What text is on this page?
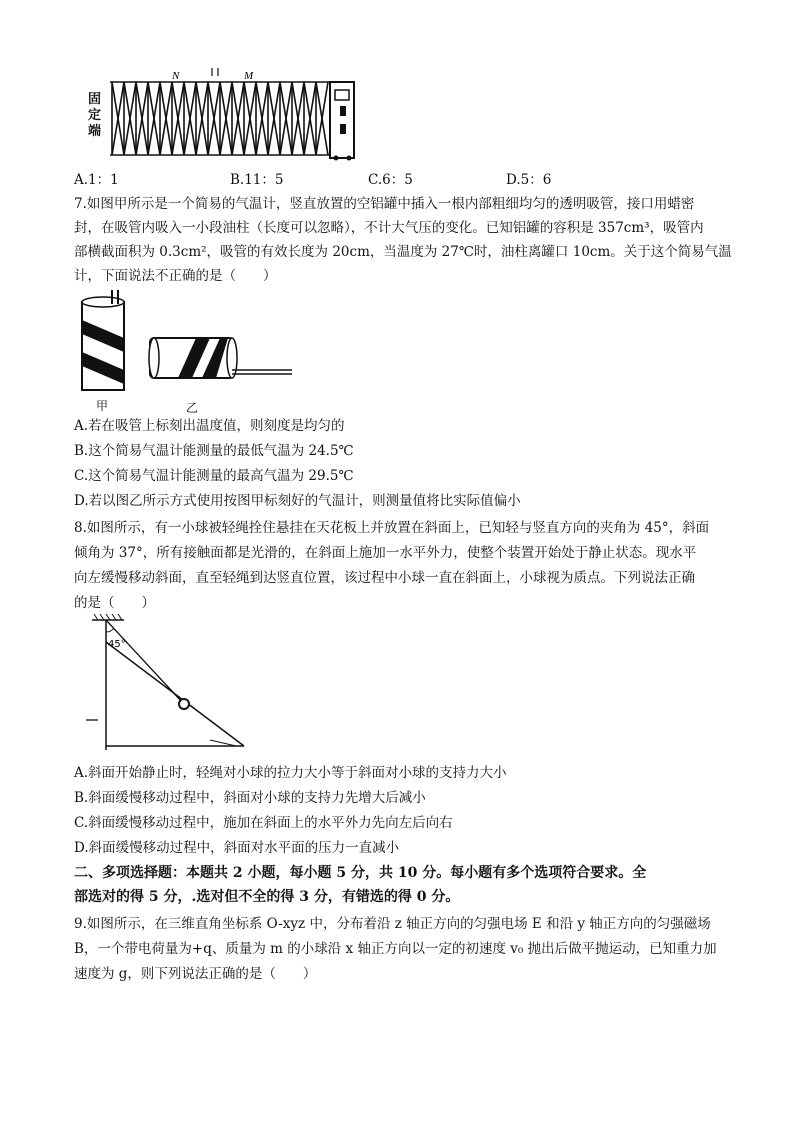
固定端
N	M
A.1：1	B.11：5	C.6：5	D.5：6
7.如图甲所示是一个简易的气温计，竖直放置的空铝罐中插入一根内部粗细均匀的透明吸管，接口用蜡密
封，在吸管内吸入一小段油柱（长度可以忽略），不计大气压的变化。已知铝罐的容积是 357cm³，吸管内
部横截面积为 0.3cm²，吸管的有效长度为 20cm，当温度为 27℃时，油柱离罐口 10cm。关于这个简易气温
计，下面说法不正确的是（　　）
甲	乙
A.若在吸管上标刻出温度值，则刻度是均匀的
B.这个简易气温计能测量的最低气温为 24.5℃
C.这个简易气温计能测量的最高气温为 29.5℃
D.若以图乙所示方式使用按图甲标刻好的气温计，则测量值将比实际值偏小
8.如图所示，有一小球被轻绳拴住悬挂在天花板上并放置在斜面上，已知轻与竖直方向的夹角为 45°，斜面
倾角为 37°，所有接触面都是光滑的，在斜面上施加一水平外力，使整个装置开始处于静止状态。现水平
向左缓慢移动斜面，直至轻绳到达竖直位置，该过程中小球一直在斜面上，小球视为质点。下列说法正确
的是（　　）
45°
A.斜面开始静止时，轻绳对小球的拉力大小等于斜面对小球的支持力大小
B.斜面缓慢移动过程中，斜面对小球的支持力先增大后减小
C.斜面缓慢移动过程中，施加在斜面上的水平外力先向左后向右
D.斜面缓慢移动过程中，斜面对水平面的压力一直减小
二、多项选择题：本题共 2 小题，每小题 5 分，共 10 分。每小题有多个选项符合要求。全
部选对的得 5 分，.选对但不全的得 3 分，有错选的得 0 分。
9.如图所示，在三维直角坐标系 O-xyz 中，分布着沿 z 轴正方向的匀强电场 E 和沿 y 轴正方向的匀强磁场
B，一个带电荷量为+q、质量为 m 的小球沿 x 轴正方向以一定的初速度 v₀ 抛出后做平抛运动，已知重力加
速度为 g，则下列说法正确的是（　　）
